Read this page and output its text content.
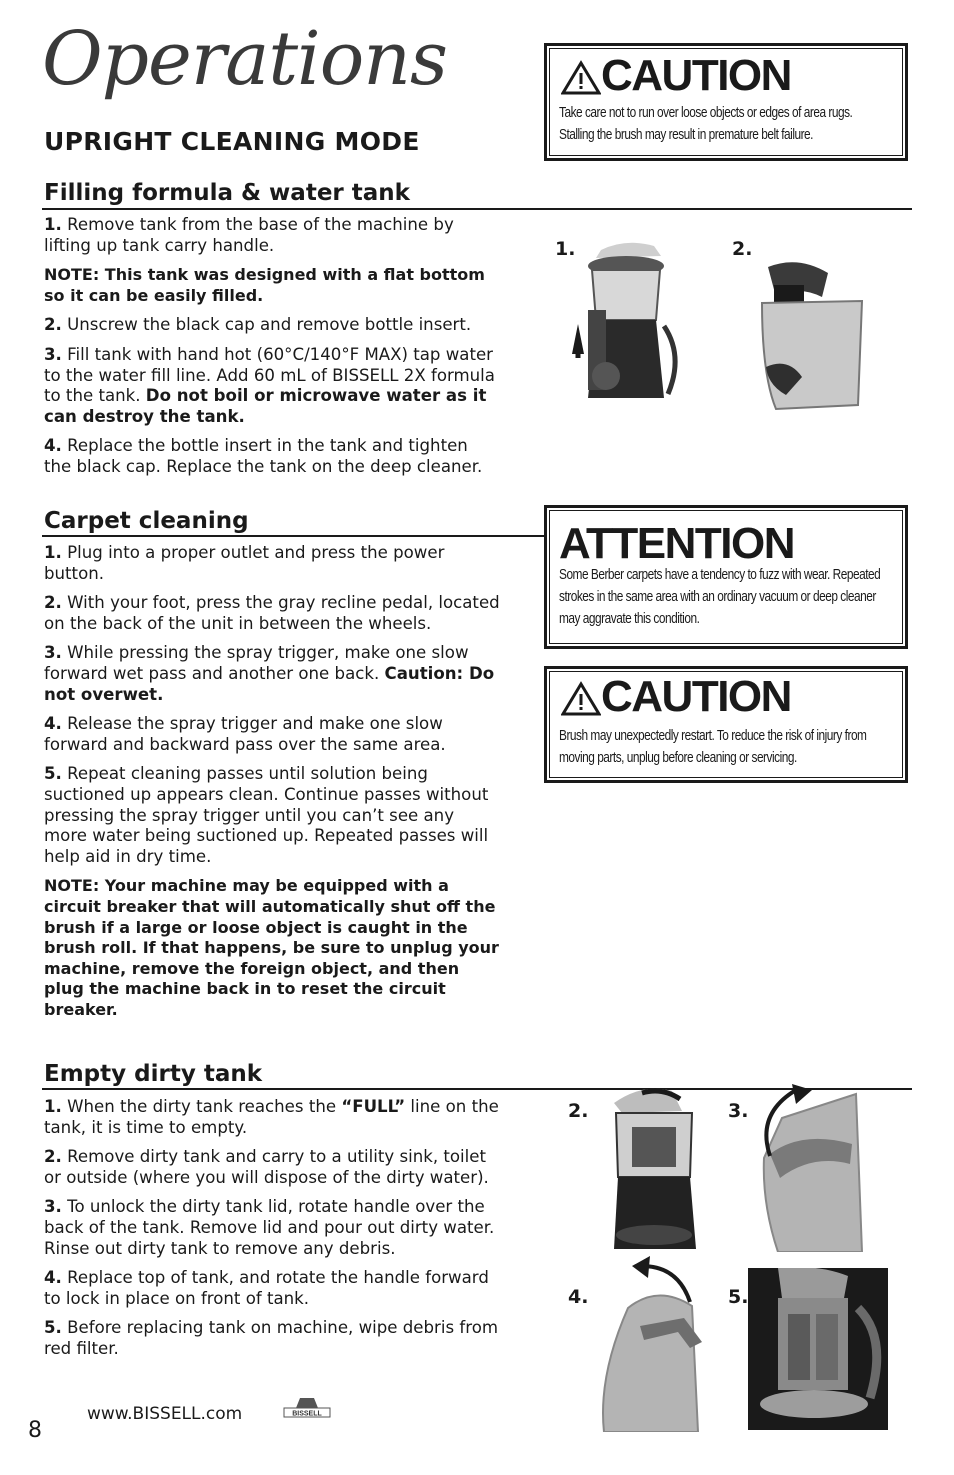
Operations
UPRIGHT CLEANING MODE
CAUTION
Take care not to run over loose objects or edges of area rugs. Stalling the brush may result in premature belt failure.
Filling formula & water tank

1. Remove tank from the base of the machine by lifting up tank carry handle.

NOTE: This tank was designed with a flat bottom so it can be easily filled.

2. Unscrew the black cap and remove bottle insert.

3. Fill tank with hand hot (60°C/140°F MAX) tap water to the water fill line. Add 60 mL of BISSELL 2X formula to the tank. Do not boil or microwave water as it can destroy the tank.

4. Replace the bottle insert in the tank and tighten the black cap. Replace the tank on the deep cleaner.

1.	2.
Carpet cleaning

1. Plug into a proper outlet and press the power button.

2. With your foot, press the gray recline pedal, located on the back of the unit in between the wheels.

3. While pressing the spray trigger, make one slow forward wet pass and another one back. Caution: Do not overwet.

4. Release the spray trigger and make one slow forward and backward pass over the same area.

5. Repeat cleaning passes until solution being suctioned up appears clean. Continue passes without pressing the spray trigger until you can’t see any more water being suctioned up. Repeated passes will help aid in dry time.

NOTE: Your machine may be equipped with a circuit breaker that will automatically shut off the brush if a large or loose object is caught in the brush roll. If that happens, be sure to unplug your machine, remove the foreign object, and then plug the machine back in to reset the circuit breaker.

ATTENTION
Some Berber carpets have a tendency to fuzz with wear. Repeated strokes in the same area with an ordinary vacuum or deep cleaner may aggravate this condition.
CAUTION
Brush may unexpectedly restart. To reduce the risk of injury from moving parts, unplug before cleaning or servicing.
Empty dirty tank

1. When the dirty tank reaches the “FULL” line on the tank, it is time to empty.

2. Remove dirty tank and carry to a utility sink, toilet or outside (where you will dispose of the dirty water).

3. To unlock the dirty tank lid, rotate handle over the back of the tank. Remove lid and pour out dirty water. Rinse out dirty tank to remove any debris.

4. Replace top of tank, and rotate the handle forward to lock in place on front of tank.

5. Before replacing tank on machine, wipe debris from red filter.

2.	3.
4.	5.
www.BISSELL.com	BISSELL
8
